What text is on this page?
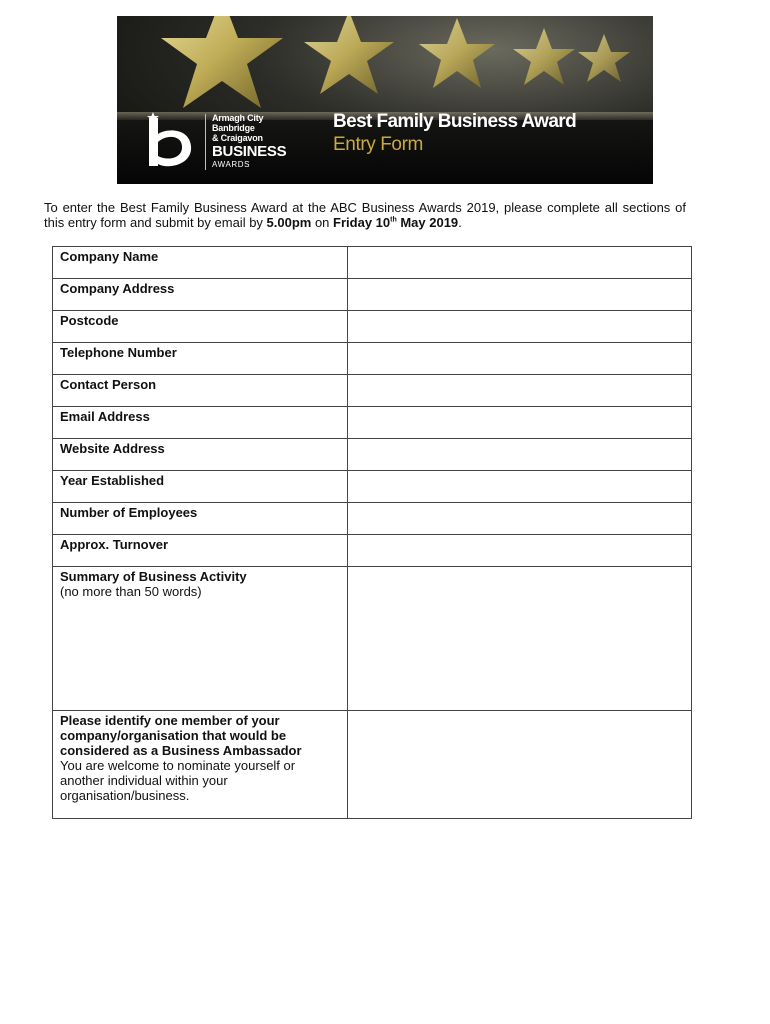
Armagh City
Banbridge
& Craigavon
BUSINESS
AWARDS
Best Family Business Award
Entry Form
To enter the Best Family Business Award at the ABC Business Awards 2019, please complete all sections of this entry form and submit by email by 5.00pm on Friday 10th May 2019.
Company Name	

Company Address	

Postcode	

Telephone Number	

Contact Person	

Email Address	

Website Address	

Year Established	

Number of Employees	

Approx. Turnover	

Summary of Business Activity
(no more than 50 words)	

Please identify one member of your company/organisation that would be considered as a Business Ambassador
You are welcome to nominate yourself or another individual within your organisation/business.	
